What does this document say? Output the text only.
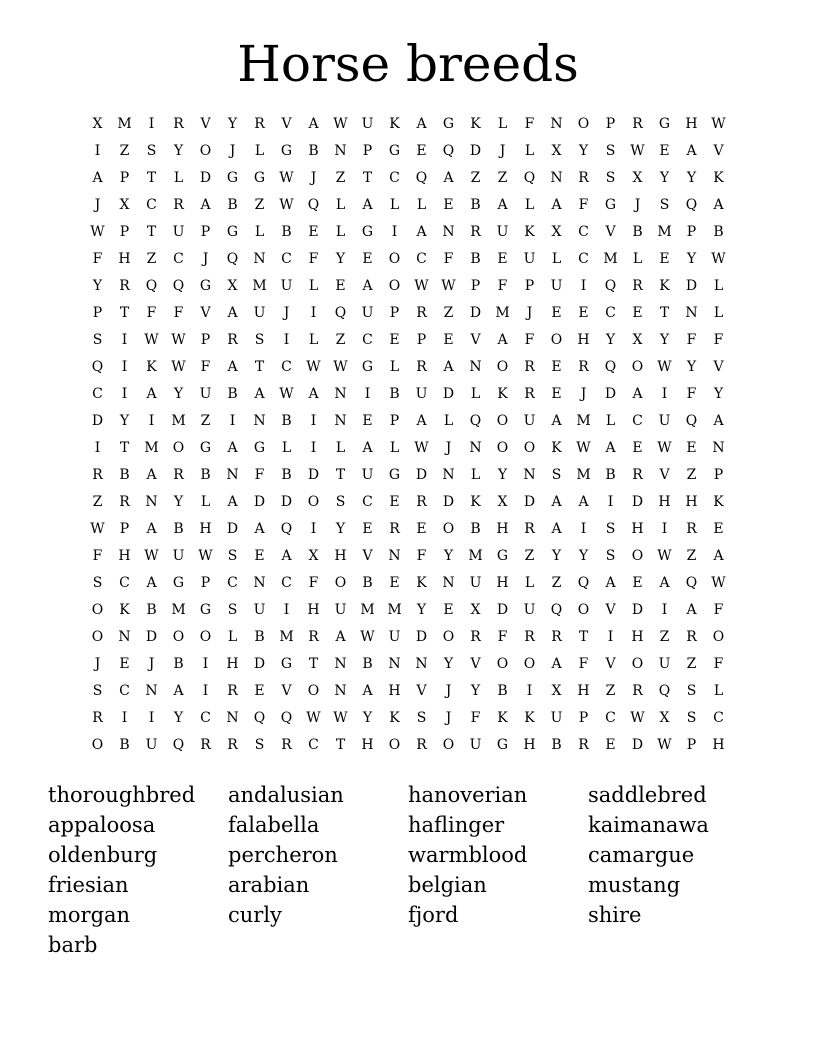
Horse breeds
X	M	I	R	V	Y	R	V	A	W U	K	A	G	K	L	F	N	O	P	R	G	H W
I	Z	S	Y	O	J	L	G	B	N	P	G	E	Q	D	J	L	X	Y	S	W	E	A	V
A	P	T	L	D	G	G	W	J	Z	T	C	Q	A	Z	Z	Q	N	R	S	X	Y	Y	K
J	X	C	R	A	B	Z	W	Q	L	A	L	L	E	B	A	L	A	F	G	J	S	Q	A
W	P	T	U	P	G	L	B	E	L	G	I	A	N	R	U	K	X	C	V	B	M	P	B
F	H	Z	C	J	Q	N	C	F	Y	E	O	C	F	B	E	U	L	C	M	L	E	Y	W
Y	R	Q	Q	G	X	M U	L	E	A	O	W W	P	F	P	U	I	Q	R	K	D	L
P	T	F	F	V	A	U	J	I	Q	U	P	R	Z	D	M	J	E	E	C	E	T	N	L
S	I	W W	P	R	S	I	L	Z	C	E	P	E	V	A	F	O	H	Y	X	Y	F	F
Q	I	K	W	F	A	T	C	W W	G	L	R	A	N	O	R	E	R	Q	O	W	Y	V
C	I	A	Y	U	B	A	W	A	N	I	B	U	D	L	K	R	E	J	D	A	I	F	Y
D	Y	I	M	Z	I	N	B	I	N	E	P	A	L	Q	O	U	A	M	L	C	U	Q	A
I	T	M	O	G	A	G	L	I	L	A	L	W	J	N	O	O	K	W	A	E	W	E	N
R	B	A	R	B	N	F	B	D	T	U	G	D	N	L	Y	N	S	M	B	R	V	Z	P
Z	R	N	Y	L	A	D	D	O	S	C	E	R	D	K	X	D	A	A	I	D	H	H	K
W	P	A	B	H	D	A	Q	I	Y	E	R	E	O	B	H	R	A	I	S	H	I	R	E
F	H W U W	S	E	A	X	H	V	N	F	Y	M	G	Z	Y	Y	S	O	W	Z	A
S	C	A	G	P	C	N	C	F	O	B	E	K	N	U	H	L	Z	Q	A	E	A	Q	W
O	K	B	M	G	S	U	I	H	U M M	Y	E	X	D	U	Q	O	V	D	I	A	F
O	N	D	O	O	L	B	M	R	A	W U	D	O	R	F	R	R	T	I	H	Z	R	O
J	E	J	B	I	H	D	G	T	N	B	N	N	Y	V	O	O	A	F	V	O	U	Z	F
S	C	N	A	I	R	E	V	O	N	A	H	V	J	Y	B	I	X	H	Z	R	Q	S	L
R	I	I	Y	C	N	Q	Q	W W	Y	K	S	J	F	K	K	U	P	C	W	X	S	C
O	B	U	Q	R	R	S	R	C	T	H	O	R	O	U	G	H	B	R	E	D	W	P	H
thoroughbred	andalusian	hanoverian	saddlebred
appaloosa	falabella	haflinger	kaimanawa
oldenburg	percheron	warmblood	camargue
friesian	arabian	belgian	mustang
morgan	curly	fjord	shire
barb
